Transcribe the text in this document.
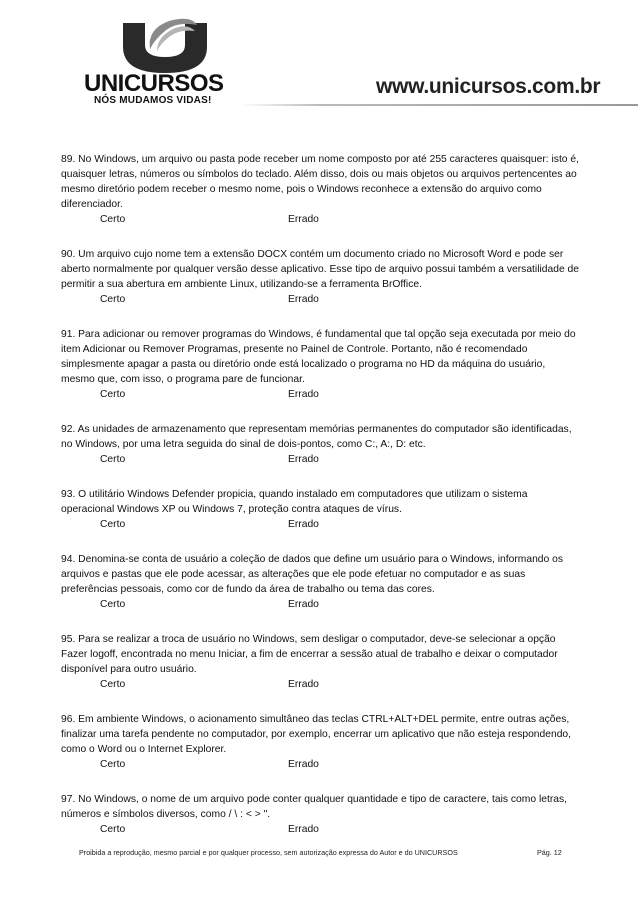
UNICURSOS
NÓS MUDAMOS VIDAS!
www.unicursos.com.br

89. No Windows, um arquivo ou pasta pode receber um nome composto por até 255 caracteres quaisquer: isto é, quaisquer letras, números ou símbolos do teclado. Além disso, dois ou mais objetos ou arquivos pertencentes ao mesmo diretório podem receber o mesmo nome, pois o Windows reconhece a extensão do arquivo como diferenciador.

Certo	Errado

90. Um arquivo cujo nome tem a extensão DOCX contém um documento criado no Microsoft Word e pode ser aberto normalmente por qualquer versão desse aplicativo. Esse tipo de arquivo possui também a versatilidade de permitir a sua abertura em ambiente Linux, utilizando-se a ferramenta BrOffice.

Certo	Errado

91. Para adicionar ou remover programas do Windows, é fundamental que tal opção seja executada por meio do item Adicionar ou Remover Programas, presente no Painel de Controle. Portanto, não é recomendado simplesmente apagar a pasta ou diretório onde está localizado o programa no HD da máquina do usuário, mesmo que, com isso, o programa pare de funcionar.

Certo	Errado

92. As unidades de armazenamento que representam memórias permanentes do computador são identificadas, no Windows, por uma letra seguida do sinal de dois-pontos, como C:, A:, D: etc.

Certo	Errado

93. O utilitário Windows Defender propicia, quando instalado em computadores que utilizam o sistema operacional Windows XP ou Windows 7, proteção contra ataques de vírus.

Certo	Errado

94. Denomina-se conta de usuário a coleção de dados que define um usuário para o Windows, informando os arquivos e pastas que ele pode acessar, as alterações que ele pode efetuar no computador e as suas preferências pessoais, como cor de fundo da área de trabalho ou tema das cores.

Certo	Errado

95. Para se realizar a troca de usuário no Windows, sem desligar o computador, deve-se selecionar a opção Fazer logoff, encontrada no menu Iniciar, a fim de encerrar a sessão atual de trabalho e deixar o computador disponível para outro usuário.

Certo	Errado

96. Em ambiente Windows, o acionamento simultâneo das teclas CTRL+ALT+DEL permite, entre outras ações, finalizar uma tarefa pendente no computador, por exemplo, encerrar um aplicativo que não esteja respondendo, como o Word ou o Internet Explorer.

Certo	Errado

97. No Windows, o nome de um arquivo pode conter qualquer quantidade e tipo de caractere, tais como letras, números e símbolos diversos, como / \ : < > ".

Certo	Errado
Proibida a reprodução, mesmo parcial e por qualquer processo, sem autorização expressa do Autor e do UNICURSOS	Pág. 12
